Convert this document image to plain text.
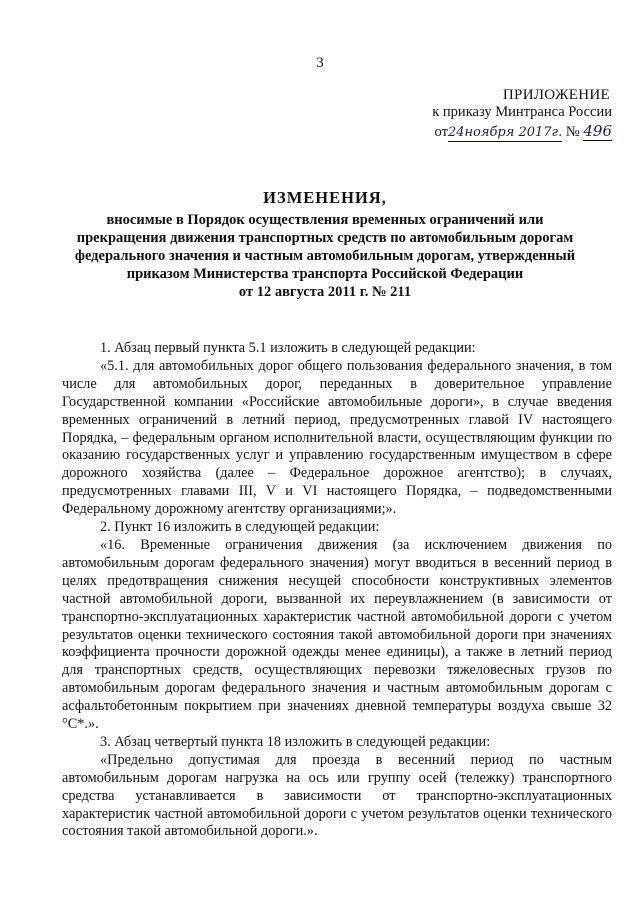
3
ПРИЛОЖЕНИЕ
к приказу Минтранса России
от24ноября 2017г. № 496
ИЗМЕНЕНИЯ,
вносимые в Порядок осуществления временных ограничений или
прекращения движения транспортных средств по автомобильным дорогам
федерального значения и частным автомобильным дорогам, утвержденный
приказом Министерства транспорта Российской Федерации
от 12 августа 2011 г. № 211

1. Абзац первый пункта 5.1 изложить в следующей редакции:

«5.1. для автомобильных дорог общего пользования федерального значения, в том числе для автомобильных дорог, переданных в доверительное управление Государственной компании «Российские автомобильные дороги», в случае введения временных ограничений в летний период, предусмотренных главой IV настоящего Порядка, – федеральным органом исполнительной власти, осуществляющим функции по оказанию государственных услуг и управлению государственным имуществом в сфере дорожного хозяйства (далее – Федеральное дорожное агентство); в случаях, предусмотренных главами III, V и VI настоящего Порядка, – подведомственными Федеральному дорожному агентству организациями;».

2. Пункт 16 изложить в следующей редакции:

«16. Временные ограничения движения (за исключением движения по автомобильным дорогам федерального значения) могут вводиться в весенний период в целях предотвращения снижения несущей способности конструктивных элементов частной автомобильной дороги, вызванной их переувлажнением (в зависимости от транспортно-эксплуатационных характеристик частной автомобильной дороги с учетом результатов оценки технического состояния такой автомобильной дороги при значениях коэффициента прочности дорожной одежды менее единицы), а также в летний период для транспортных средств, осуществляющих перевозки тяжеловесных грузов по автомобильным дорогам федерального значения и частным автомобильным дорогам с асфальтобетонным покрытием при значениях дневной температуры воздуха свыше 32 °С*.».

3. Абзац четвертый пункта 18 изложить в следующей редакции:

«Предельно допустимая для проезда в весенний период по частным автомобильным дорогам нагрузка на ось или группу осей (тележку) транспортного средства устанавливается в зависимости от транспортно-эксплуатационных характеристик частной автомобильной дороги с учетом результатов оценки технического состояния такой автомобильной дороги.».
